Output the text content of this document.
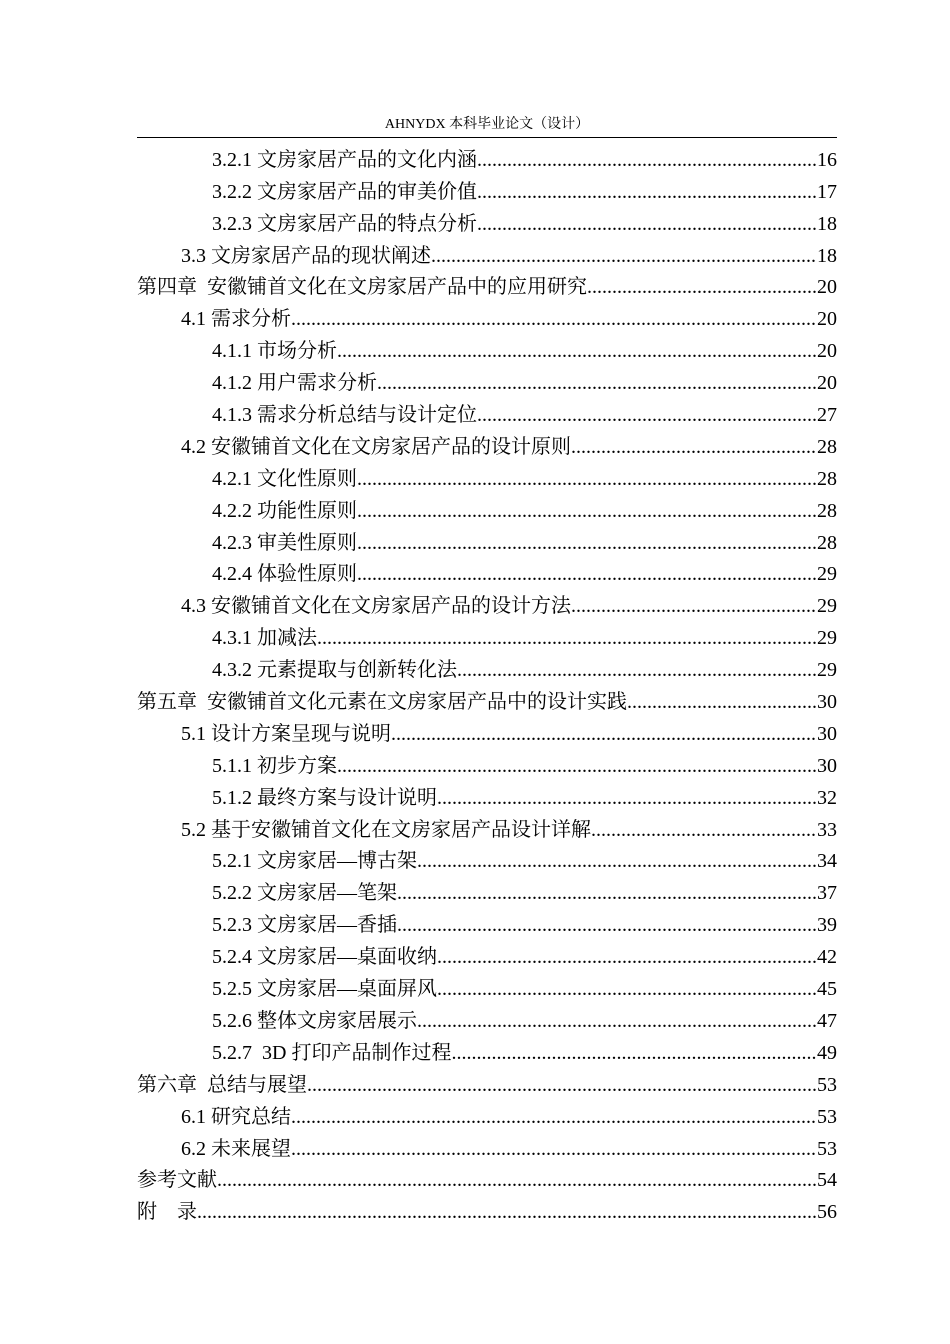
AHNYDX 本科毕业论文（设计）
3.2.1 文房家居产品的文化内涵 .....	16
3.2.2 文房家居产品的审美价值 .....	17
3.2.3 文房家居产品的特点分析 .....	18
3.3 文房家居产品的现状阐述 .....	18
第四章  安徽铺首文化在文房家居产品中的应用研究 .....	20
4.1 需求分析 .....	20
4.1.1 市场分析 .....	20
4.1.2 用户需求分析 .....	20
4.1.3 需求分析总结与设计定位 .....	27
4.2 安徽铺首文化在文房家居产品的设计原则 .....	28
4.2.1 文化性原则 .....	28
4.2.2 功能性原则 .....	28
4.2.3 审美性原则 .....	28
4.2.4 体验性原则 .....	29
4.3 安徽铺首文化在文房家居产品的设计方法 .....	29
4.3.1 加减法 .....	29
4.3.2 元素提取与创新转化法 .....	29
第五章  安徽铺首文化元素在文房家居产品中的设计实践 .....	30
5.1 设计方案呈现与说明 .....	30
5.1.1 初步方案 .....	30
5.1.2 最终方案与设计说明 .....	32
5.2 基于安徽铺首文化在文房家居产品设计详解 .....	33
5.2.1 文房家居—博古架 .....	34
5.2.2 文房家居—笔架 .....	37
5.2.3 文房家居—香插 .....	39
5.2.4 文房家居—桌面收纳 .....	42
5.2.5 文房家居—桌面屏风 .....	45
5.2.6 整体文房家居展示 .....	47
5.2.7  3D 打印产品制作过程 .....	49
第六章  总结与展望 .....	53
6.1 研究总结 .....	53
6.2 未来展望 .....	53
参考文献 .....	54
附    录 .....	56
